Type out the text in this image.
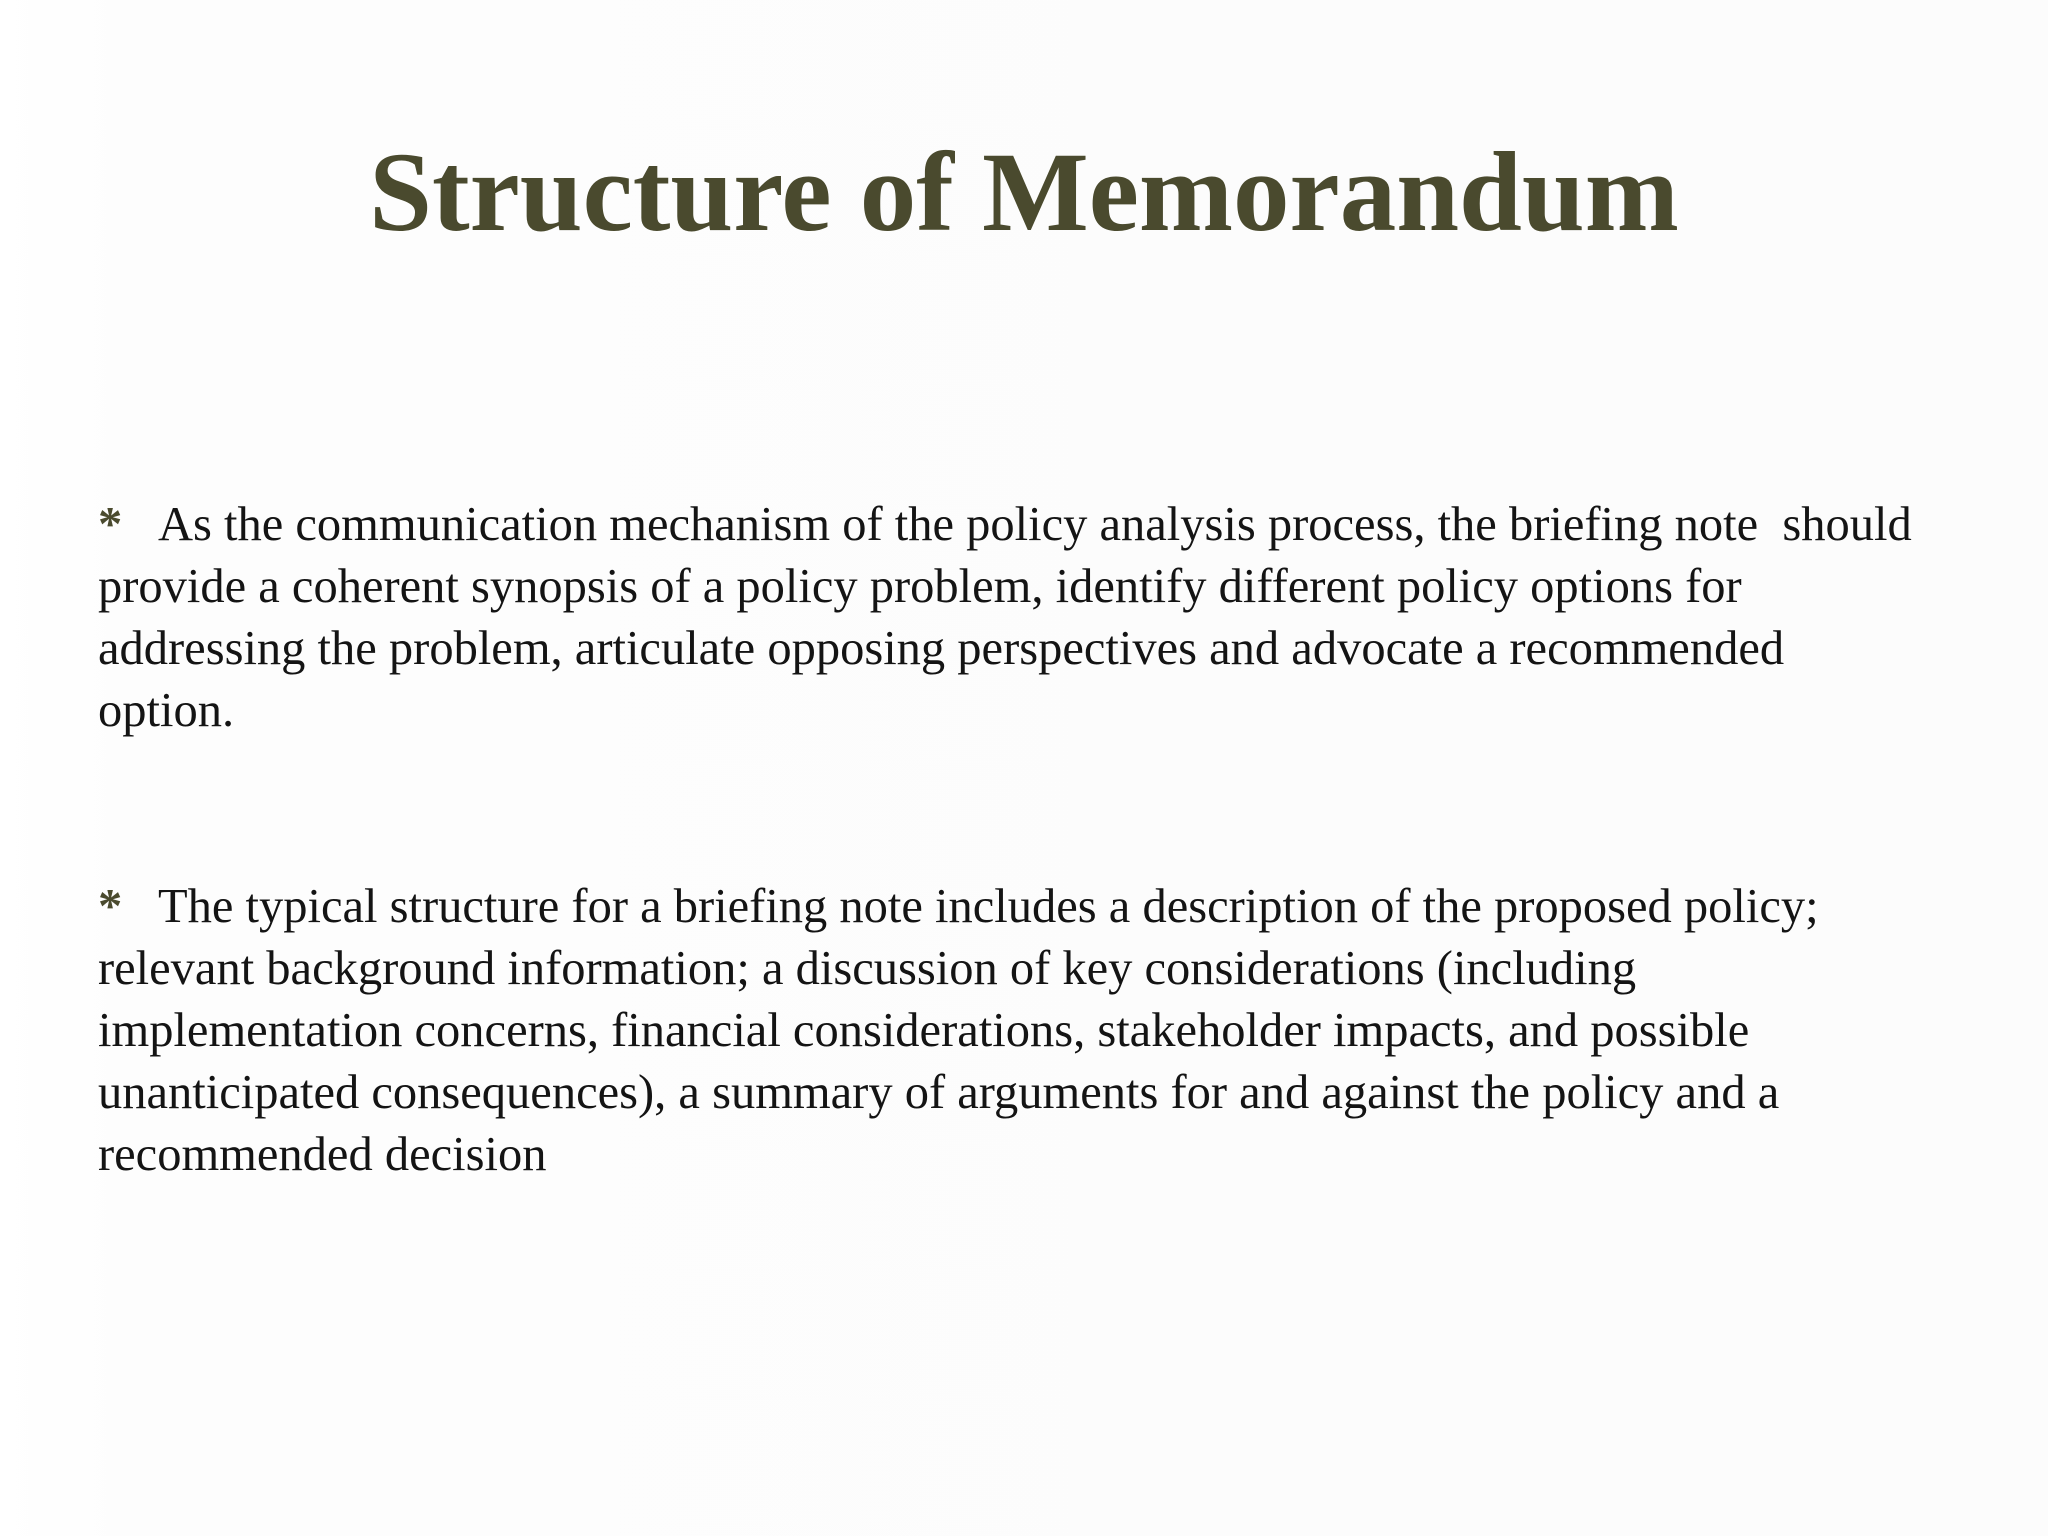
Structure of Memorandum
* As the communication mechanism of the policy analysis process, the briefing note  should
provide a coherent synopsis of a policy problem, identify different policy options for
addressing the problem, articulate opposing perspectives and advocate a recommended
option.
* The typical structure for a briefing note includes a description of the proposed policy;
relevant background information; a discussion of key considerations (including
implementation concerns, financial considerations, stakeholder impacts, and possible
unanticipated consequences), a summary of arguments for and against the policy and a
recommended decision
